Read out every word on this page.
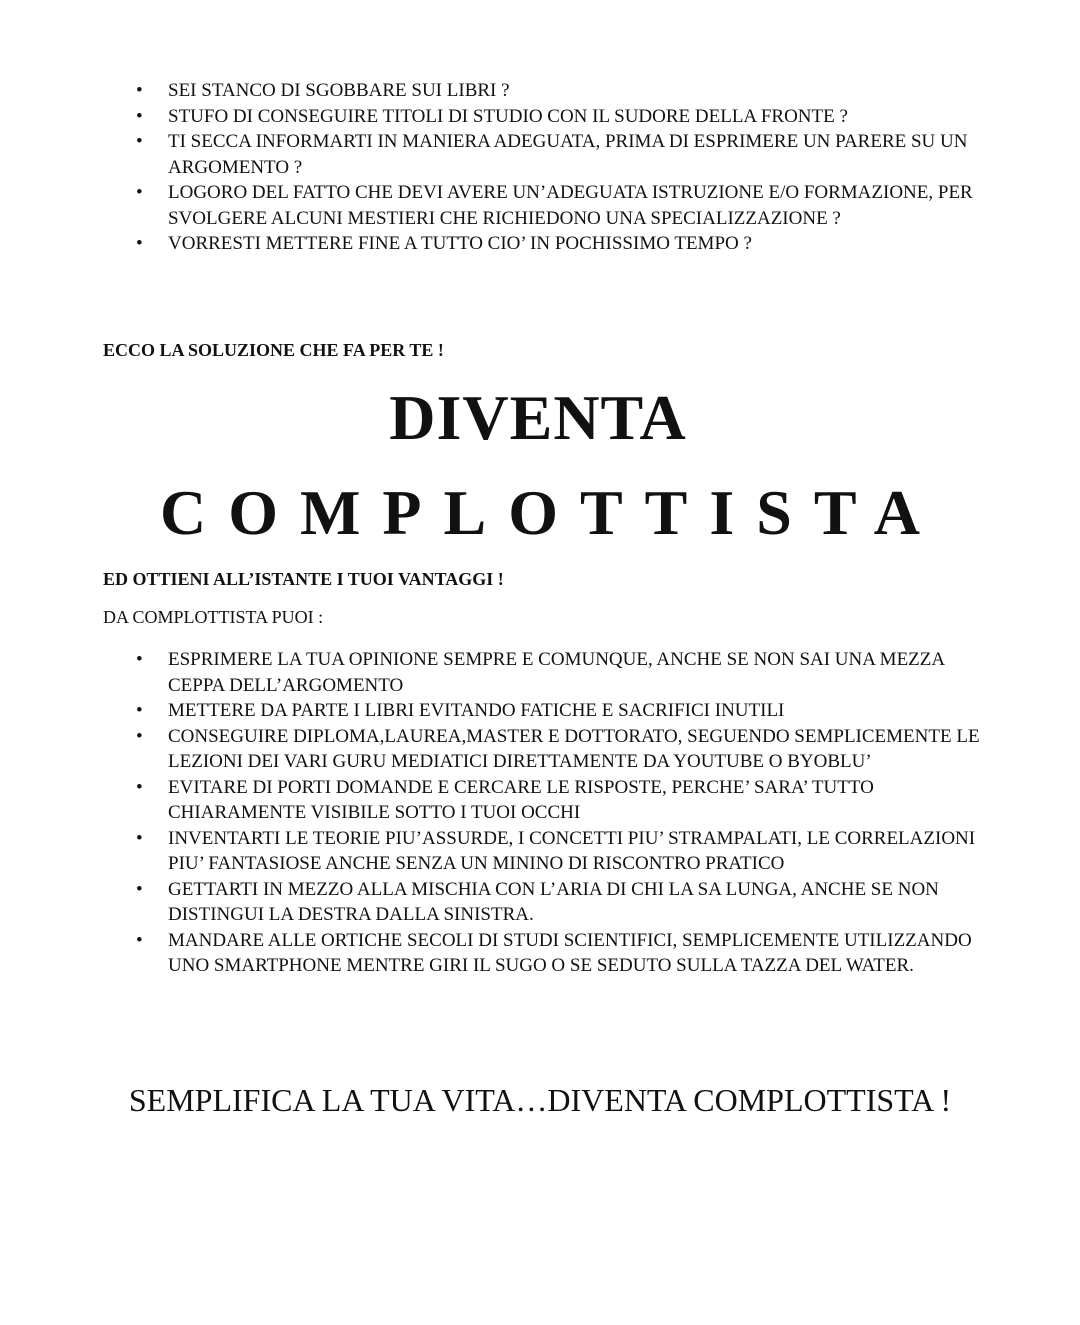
• SEI STANCO DI SGOBBARE SUI LIBRI ?
• STUFO DI CONSEGUIRE TITOLI DI STUDIO CON IL SUDORE DELLA FRONTE ?
• TI SECCA INFORMARTI IN MANIERA ADEGUATA, PRIMA DI ESPRIMERE UN PARERE SU UN ARGOMENTO ?
• LOGORO DEL FATTO CHE DEVI AVERE UN’ADEGUATA ISTRUZIONE E/O FORMAZIONE, PER SVOLGERE ALCUNI MESTIERI CHE RICHIEDONO UNA SPECIALIZZAZIONE ?
• VORRESTI METTERE FINE A TUTTO CIO’ IN POCHISSIMO TEMPO ?
ECCO LA SOLUZIONE CHE FA PER TE !
DIVENTA
COMPLOTTISTA
ED OTTIENI ALL’ISTANTE I TUOI VANTAGGI !
DA COMPLOTTISTA PUOI :
• ESPRIMERE LA TUA OPINIONE SEMPRE E COMUNQUE, ANCHE SE NON SAI UNA MEZZA CEPPA DELL’ARGOMENTO
• METTERE DA PARTE I LIBRI EVITANDO FATICHE E SACRIFICI INUTILI
• CONSEGUIRE DIPLOMA,LAUREA,MASTER E DOTTORATO, SEGUENDO SEMPLICEMENTE LE LEZIONI DEI VARI GURU MEDIATICI DIRETTAMENTE DA YOUTUBE O BYOBLU’
• EVITARE DI PORTI DOMANDE E CERCARE LE RISPOSTE, PERCHE’ SARA’ TUTTO CHIARAMENTE VISIBILE SOTTO I TUOI OCCHI
• INVENTARTI LE TEORIE PIU’ASSURDE, I CONCETTI PIU’ STRAMPALATI, LE CORRELAZIONI PIU’ FANTASIOSE ANCHE SENZA UN MININO DI RISCONTRO PRATICO
• GETTARTI IN MEZZO ALLA MISCHIA CON L’ARIA DI CHI LA SA LUNGA, ANCHE SE NON DISTINGUI LA DESTRA DALLA SINISTRA.
• MANDARE ALLE ORTICHE SECOLI DI STUDI SCIENTIFICI, SEMPLICEMENTE UTILIZZANDO UNO SMARTPHONE MENTRE GIRI IL SUGO O SE SEDUTO SULLA TAZZA DEL WATER.
SEMPLIFICA LA TUA VITA…DIVENTA COMPLOTTISTA !
